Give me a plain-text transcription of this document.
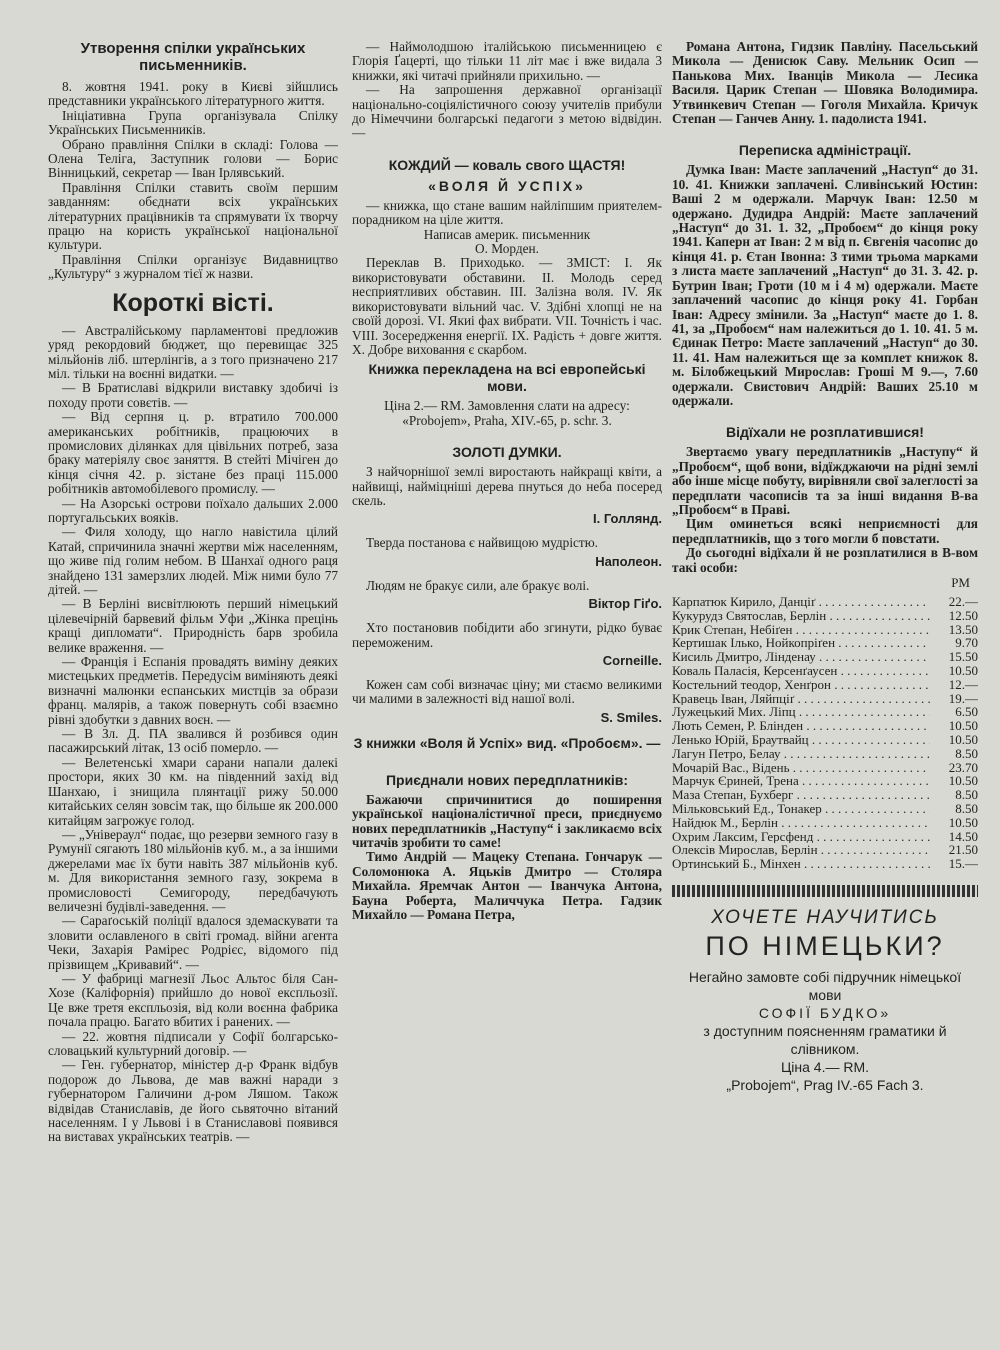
Утворення спілки українських письменників.

8. жовтня 1941. року в Києві зійшлись представники українського літературного життя.

Ініціативна Група організувала Спілку Українських Письменників.

Обрано правління Спілки в складі: Голова — Олена Теліга, Заступник голови — Борис Вінницький, секретар — Іван Ірлявський.

Правління Спілки ставить своїм першим завданням: обєднати всіх українських літературних працівників та спрямувати їх творчу працю на користь української національної культури.

Правління Спілки організує Видавництво „Культуру“ з журналом тієї ж назви.

Короткі вісті.

— Австралійському парламентові предложив уряд рекордовий бюджет, що перевищає 325 мільйонів ліб. штерлінгів, а з того призначено 217 міл. тільки на воєнні видатки. —

— В Братиславі відкрили виставку здобичі із походу проти совєтів. —

— Від серпня ц. р. втратило 700.000 американських робітників, працюючих в промислових ділянках для цівільних потреб, заза браку матеріялу своє заняття. В стейті Мічіген до кінця січня 42. р. зістане без праці 115.000 робітників автомобілевого промислу. —

— На Азорські острови поїхало дальших 2.000 португальських вояків.

— Филя холоду, що нагло навістила цілий Катай, спричинила значні жертви між населенням, що живе під голим небом. В Шанхаї одного раця знайдено 131 замерзлих людей. Між ними було 77 дітей. —

— В Берліні висвітлюють перший німецький цілевечірній барвевий фільм Уфи „Жінка прецінь кращі дипломати“. Природність барв зробила велике враження. —

— Франція і Еспанія провадять виміну деяких мистецьких предметів. Передусім виміняють деякі визначні малюнки еспанських мистців за образи франц. малярів, а також повернуть собі взаємно рівні здобутки з давних воєн. —

— В Зл. Д. ПА звалився й розбився один пасажирський літак, 13 осіб померло. —

— Велетенські хмари сарани напали далекі простори, яких 30 км. на південний захід від Шанхаю, і знищила плянтації рижу 50.000 китайських селян зовсім так, що більше як 200.000 китайцям загрожує голод.

— „Універаул“ подає, що резерви земного газу в Румунії сягають 180 мільйонів куб. м., а за іншими джерелами має їх бути навіть 387 мільйонів куб. м. Для використання земного газу, зокрема в промисловості Семигороду, передбачують величезні будівлі-заведення. —

— Сараґоській поліції вдалося здемаскувати та зловити ославленого в світі громад. війни агента Чеки, Захарія Рамірес Родрієс, відомого під прізвищем „Кривавий“. —

— У фабриці магнезії Льос Альтос біля Сан-Хозе (Каліфорнія) прийшло до нової експльозії. Це вже третя експльозія, від коли воєнна фабрика почала працю. Багато вбитих і ранених. —

— 22. жовтня підписали у Софії болгарсько-словацький культурний договір. —

— Ген. губернатор, міністер д-р Франк відбув подорож до Львова, де мав важні наради з губернатором Галичини д-ром Ляшом. Також відвідав Станиславів, де його сьвяточно вітаний населенням. І у Львові і в Станиславові появився на виставах українських театрів. —

— Наймолодшою італійською письменницею є Глорія Ґацерті, що тільки 11 літ має і вже видала 3 книжки, які читачі прийняли прихильно. —

— На запрошення державної організації національно-соціялістичного союзу учителів прибули до Німеччини болгарські педагоги з метою відвідин. —

КОЖДИЙ — коваль свого ЩАСТЯ!
«ВОЛЯ Й УСПІХ»

— книжка, що стане вашим найліпшим приятелем-порадником на ціле життя.

Написав америк. письменник

О. Морден.

Переклав В. Приходько. — ЗМІСТ: І. Як використовувати обставини. II. Молодь серед несприятливих обставин. III. Залізна воля. IV. Як використовувати вільний час. V. Здібні хлопці не на своїй дорозі. VI. Якиі фах вибрати. VII. Точність і час. VIII. Зосередження енергії. IX. Радість + довге життя. X. Добре виховання є скарбом.

Книжка перекладена на всі европейські мови.

Ціна 2.— RM. Замовлення слати на адресу:

«Probojem», Praha, XIV.-65, p. schr. 3.

ЗОЛОТІ ДУМКИ.

З найчорнішої землі виростають найкращі квіти, а найвищі, найміцніші дерева пнуться до неба посеред скель.

І. Голлянд.

Тверда постанова є найвищою мудрістю.

Наполеон.

Людям не бракує сили, але бракує волі.

Віктор Гіґо.

Хто постановив побідити або згинути, рідко буває переможеним.

Corneille.

Кожен сам собі визначає ціну; ми стаємо великими чи малими в залежності від нашої волі.

S. Smiles.
З книжки «Воля й Успіх» вид. «Пробоєм». —
Приєднали нових передплатників:

Бажаючи спричинитися до поширення української націоналістичної преси, приєднуємо нових передплатників „Наступу“ і закликаємо всіх читачів зробити то саме!

Тимо Андрій — Мацеку Степана. Гончарук — Соломонюка А. Яцьків Дмитро — Столяра Михайла. Яремчак Антон — Іванчука Антона, Бауна Роберта, Маличчука Петра. Гадзик Михайло — Романа Петра,

Романа Антона, Гидзик Павліну. Пасельський Микола — Денисюк Саву. Мельник Осип — Панькова Мих. Іванців Микола — Лесика Василя. Царик Степан — Шовяка Володимира. Утвинкевич Степан — Гоголя Михайла. Кричук Степан — Ганчев Анну. 1. падолиста 1941.

Переписка адміністрації.

Думка Іван: Маєте заплачений „Наступ“ до 31. 10. 41. Книжки заплачені. Сливінський Юстин: Ваші 2 м одержали. Марчук Іван: 12.50 м одержано. Дудидра Андрій: Маєте заплачений „Наступ“ до 31. 1. 32, „Пробоєм“ до кінця року 1941. Каперн ат Іван: 2 м від п. Євгенія часопис до кінця 41. р. Єтан Івонна: З тими трьома марками з листа маєте заплачений „Наступ“ до 31. 3. 42. р. Бутрин Іван; Гроти (10 м і 4 м) одержали. Маєте заплачений часопис до кінця року 41. Горбан Іван: Адресу змінили. За „Наступ“ маєте до 1. 8. 41, за „Пробоєм“ нам належиться до 1. 10. 41. 5 м. Єдинак Петро: Маєте заплачений „Наступ“ до 30. 11. 41. Нам належиться ще за комплет книжок 8. м. Білобжецький Мирослав: Гроші М 9.—, 7.60 одержали. Свистович Андрій: Ваших 25.10 м одержали.

Відїхали не розплатившися!

Звертаємо увагу передплатників „Наступу“ й „Пробоєм“, щоб вони, відїжджаючи на рідні землі або інше місце побуту, вирівняли свої залеглості за передплати часописів та за інші видання В-ва „Пробоєм“ в Праві.

Цим оминеться всякі неприємності для передплатників, що з того могли б повстати.

До сьогодні відїхали й не розплатилися в В-вом такі особи:

РМ
Карпатюк Кирило, Данціґ . . .	22.—
Кукурудз Святослав, Берлін . . .	12.50
Крик Степан, Небіґен . . .	13.50
Кертишак Ілько, Нойкопріґен . . .	9.70
Кисиль Дмитро, Лінденау . . .	15.50
Коваль Паласія, Керсенґаусен . . .	10.50
Костельний теодор, Хенґрон . . .	12.—
Кравець Іван, Ляйпціґ . . .	19.—
Лужецький Мих. Ліпц . . .	6.50
Лють Семен, Р. Бліндeн . . .	10.50
Ленько Юрій, Браутвайц . . .	10.50
Лагун Петро, Белау . . .	8.50
Мочарій Вас., Відень . . .	23.70
Марчук Єриней, Трена . . .	10.50
Маза Степан, Бухберг . . .	8.50
Мільковський Ед., Тонакер . . .	8.50
Найдюк М., Берлін . . .	10.50
Охрим Лаксим, Герсфенд . . .	14.50
Олексів Мирослав, Берлін . . .	21.50
Ортинський Б., Мінхен . . .	15.—
ХОЧЕТЕ НАУЧИТИСЬ
ПО НІМЕЦЬКИ?
Негайно замовте собі підручник німецької мови
СОФІЇ БУДКО»
з доступним поясненням граматики й слівником.
Ціна 4.— RM.
„Probojem“, Prag IV.-65 Fach 3.
